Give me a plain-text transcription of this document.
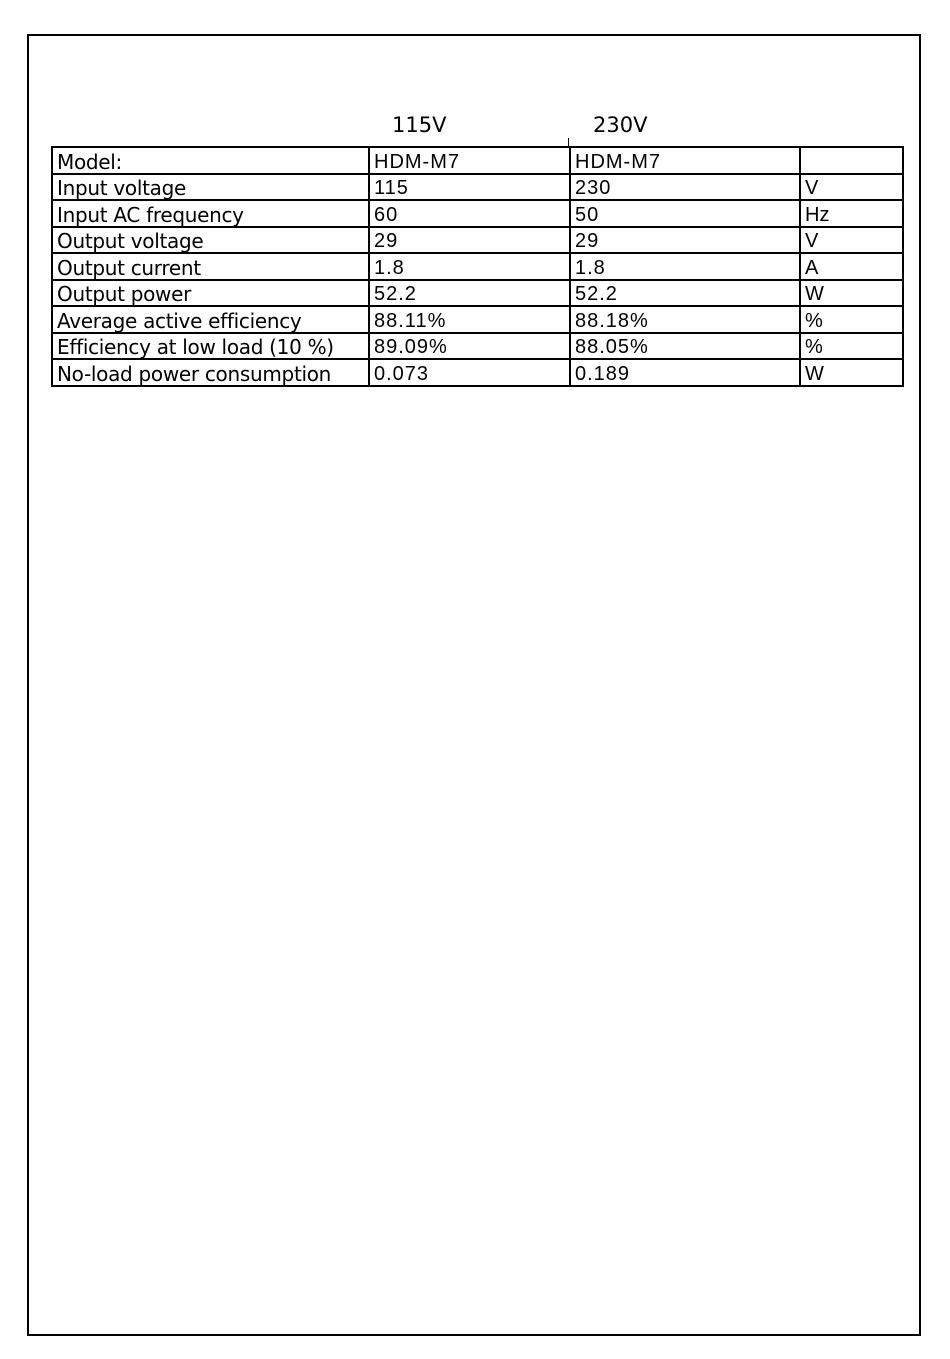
115V	230V
Model:	HDM-M7	HDM-M7	
Input voltage	115	230	V
Input AC frequency	60	50	Hz
Output voltage	29	29	V
Output current	1.8	1.8	A
Output power	52.2	52.2	W
Average active efficiency	88.11%	88.18%	%
Efficiency at low load (10 %)	89.09%	88.05%	%
No-load power consumption	0.073	0.189	W
